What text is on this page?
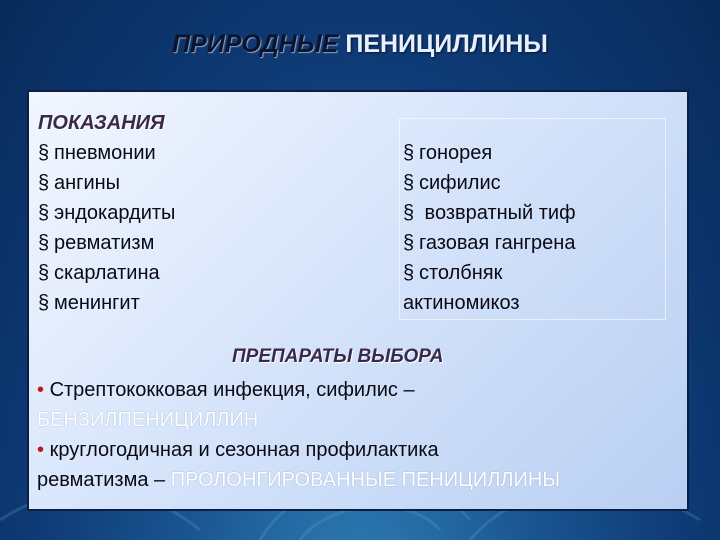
ПРИРОДНЫЕ ПЕНИЦИЛЛИНЫ
ПОКАЗАНИЯ
§ пневмонии
§ ангины
§ эндокардиты
§ ревматизм
§ скарлатина
§ менингит
§ гонорея
§ сифилис
§ возвратный тиф
§ газовая гангрена
§ столбняк
актиномикоз
ПРЕПАРАТЫ ВЫБОРА
• Стрептококковая инфекция, сифилис –
БЕНЗИЛПЕНИЦИЛЛИН
• круглогодичная и сезонная профилактика
ревматизма – ПРОЛОНГИРОВАННЫЕ ПЕНИЦИЛЛИНЫ
